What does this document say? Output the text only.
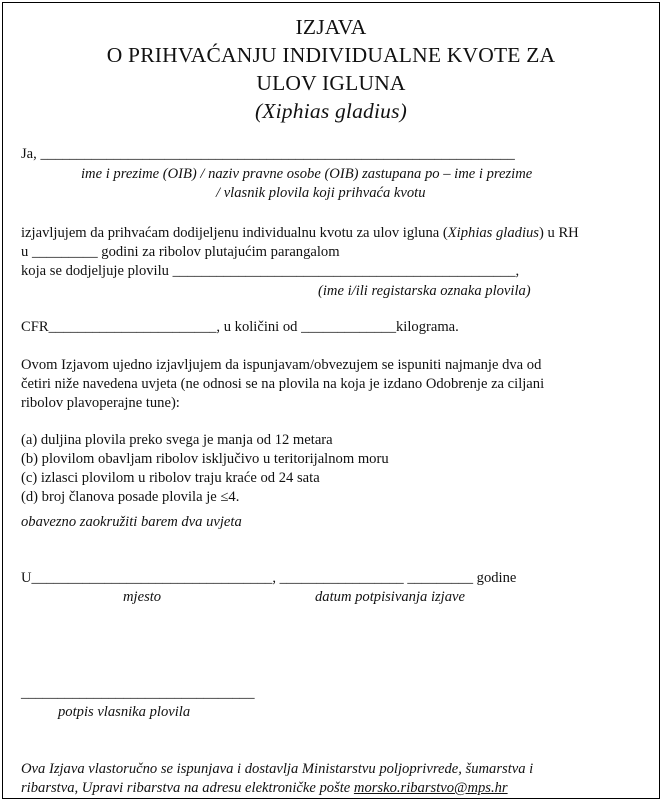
IZJAVA
O PRIHVAĆANJU INDIVIDUALNE KVOTE ZA
ULOV IGLUNA
(Xiphias gladius)
Ja, _________________________________________________________________
ime i prezime (OIB) / naziv pravne osobe (OIB) zastupana po – ime i prezime
/ vlasnik plovila koji prihvaća kvotu
izjavljujem da prihvaćam dodijeljenu individualnu kvotu za ulov igluna (Xiphias gladius) u RH
u _________ godini za ribolov plutajućim parangalom
koja se dodjeljuje plovilu _______________________________________________,
(ime i/ili registarska oznaka plovila)
CFR_______________________, u količini od _____________kilograma.
Ovom Izjavom ujedno izjavljujem da ispunjavam/obvezujem se ispuniti najmanje dva od
četiri niže navedena uvjeta (ne odnosi se na plovila na koja je izdano Odobrenje za ciljani
ribolov plavoperajne tune):
(a) duljina plovila preko svega je manja od 12 metara
(b) plovilom obavljam ribolov isključivo u teritorijalnom moru
(c) izlasci plovilom u ribolov traju kraće od 24 sata
(d) broj članova posade plovila je ≤4.
obavezno zaokružiti barem dva uvjeta
U_________________________________, _________________ _________ godine
mjesto	datum potpisivanja izjave
________________________________
potpis vlasnika plovila
Ova Izjava vlastoručno se ispunjava i dostavlja Ministarstvu poljoprivrede, šumarstva i
ribarstva, Upravi ribarstva na adresu elektroničke pošte morsko.ribarstvo@mps.hr
